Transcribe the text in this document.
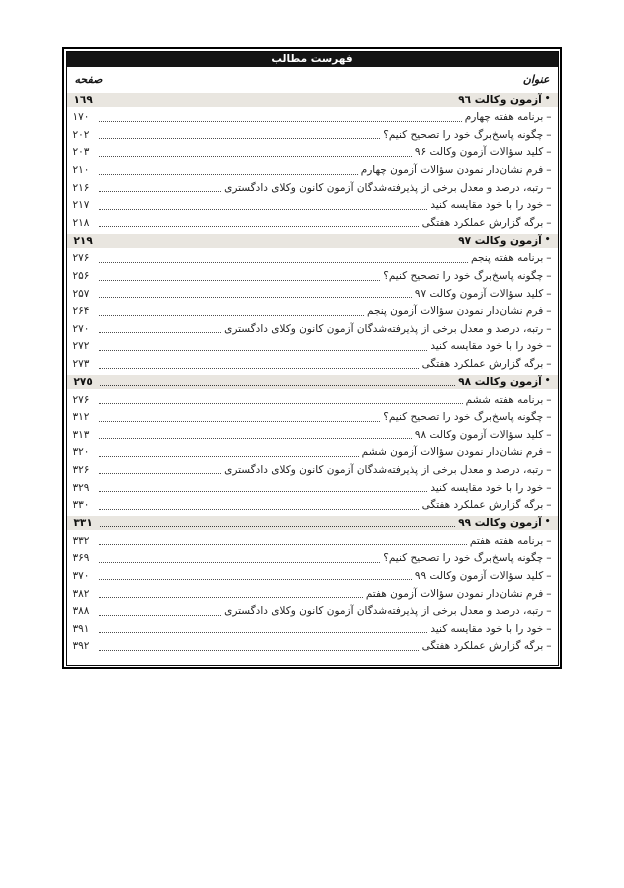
فهرست مطالب
عنوان
صفحه
•
آزمون وکالت ٩٦
١٦٩
–
برنامه هفته چهارم
۱۷۰
–
چگونه پاسخ‌برگ خود را تصحیح کنیم؟
۲۰۲
–
کلید سؤالات آزمون وکالت ۹۶
۲۰۳
–
فرم نشان‌دار نمودن سؤالات آزمون چهارم
۲۱۰
–
رتبه، درصد و معدل برخی از پذیرفته‌شدگان آزمون کانون وکلای دادگستری
۲۱۶
–
خود را با خود مقایسه کنید
۲۱۷
–
برگه گزارش عملکرد هفتگی
۲۱۸
•
آزمون وکالت ٩٧
٢١٩
–
برنامه هفته پنجم
۲۷۶
–
چگونه پاسخ‌برگ خود را تصحیح کنیم؟
۲۵۶
–
کلید سؤالات آزمون وکالت ۹۷
۲۵۷
–
فرم نشان‌دار نمودن سؤالات آزمون پنجم
۲۶۴
–
رتبه، درصد و معدل برخی از پذیرفته‌شدگان آزمون کانون وکلای دادگستری
۲۷۰
–
خود را با خود مقایسه کنید
۲۷۲
–
برگه گزارش عملکرد هفتگی
۲۷۳
•
آزمون وکالت ٩٨
٢٧٥
–
برنامه هفته ششم
۲۷۶
–
چگونه پاسخ‌برگ خود را تصحیح کنیم؟
۳۱۲
–
کلید سؤالات آزمون وکالت ۹۸
۳۱۳
–
فرم نشان‌دار نمودن سؤالات آزمون ششم
۳۲۰
–
رتبه، درصد و معدل برخی از پذیرفته‌شدگان آزمون کانون وکلای دادگستری
۳۲۶
–
خود را با خود مقایسه کنید
۳۲۹
–
برگه گزارش عملکرد هفتگی
۳۳۰
•
آزمون وکالت ٩٩
٣٣١
–
برنامه هفته هفتم
۳۳۲
–
چگونه پاسخ‌برگ خود را تصحیح کنیم؟
۳۶۹
–
کلید سؤالات آزمون وکالت ۹۹
۳۷۰
–
فرم نشان‌دار نمودن سؤالات آزمون هفتم
۳۸۲
–
رتبه، درصد و معدل برخی از پذیرفته‌شدگان آزمون کانون وکلای دادگستری
۳۸۸
–
خود را با خود مقایسه کنید
۳۹۱
–
برگه گزارش عملکرد هفتگی
۳۹۲
